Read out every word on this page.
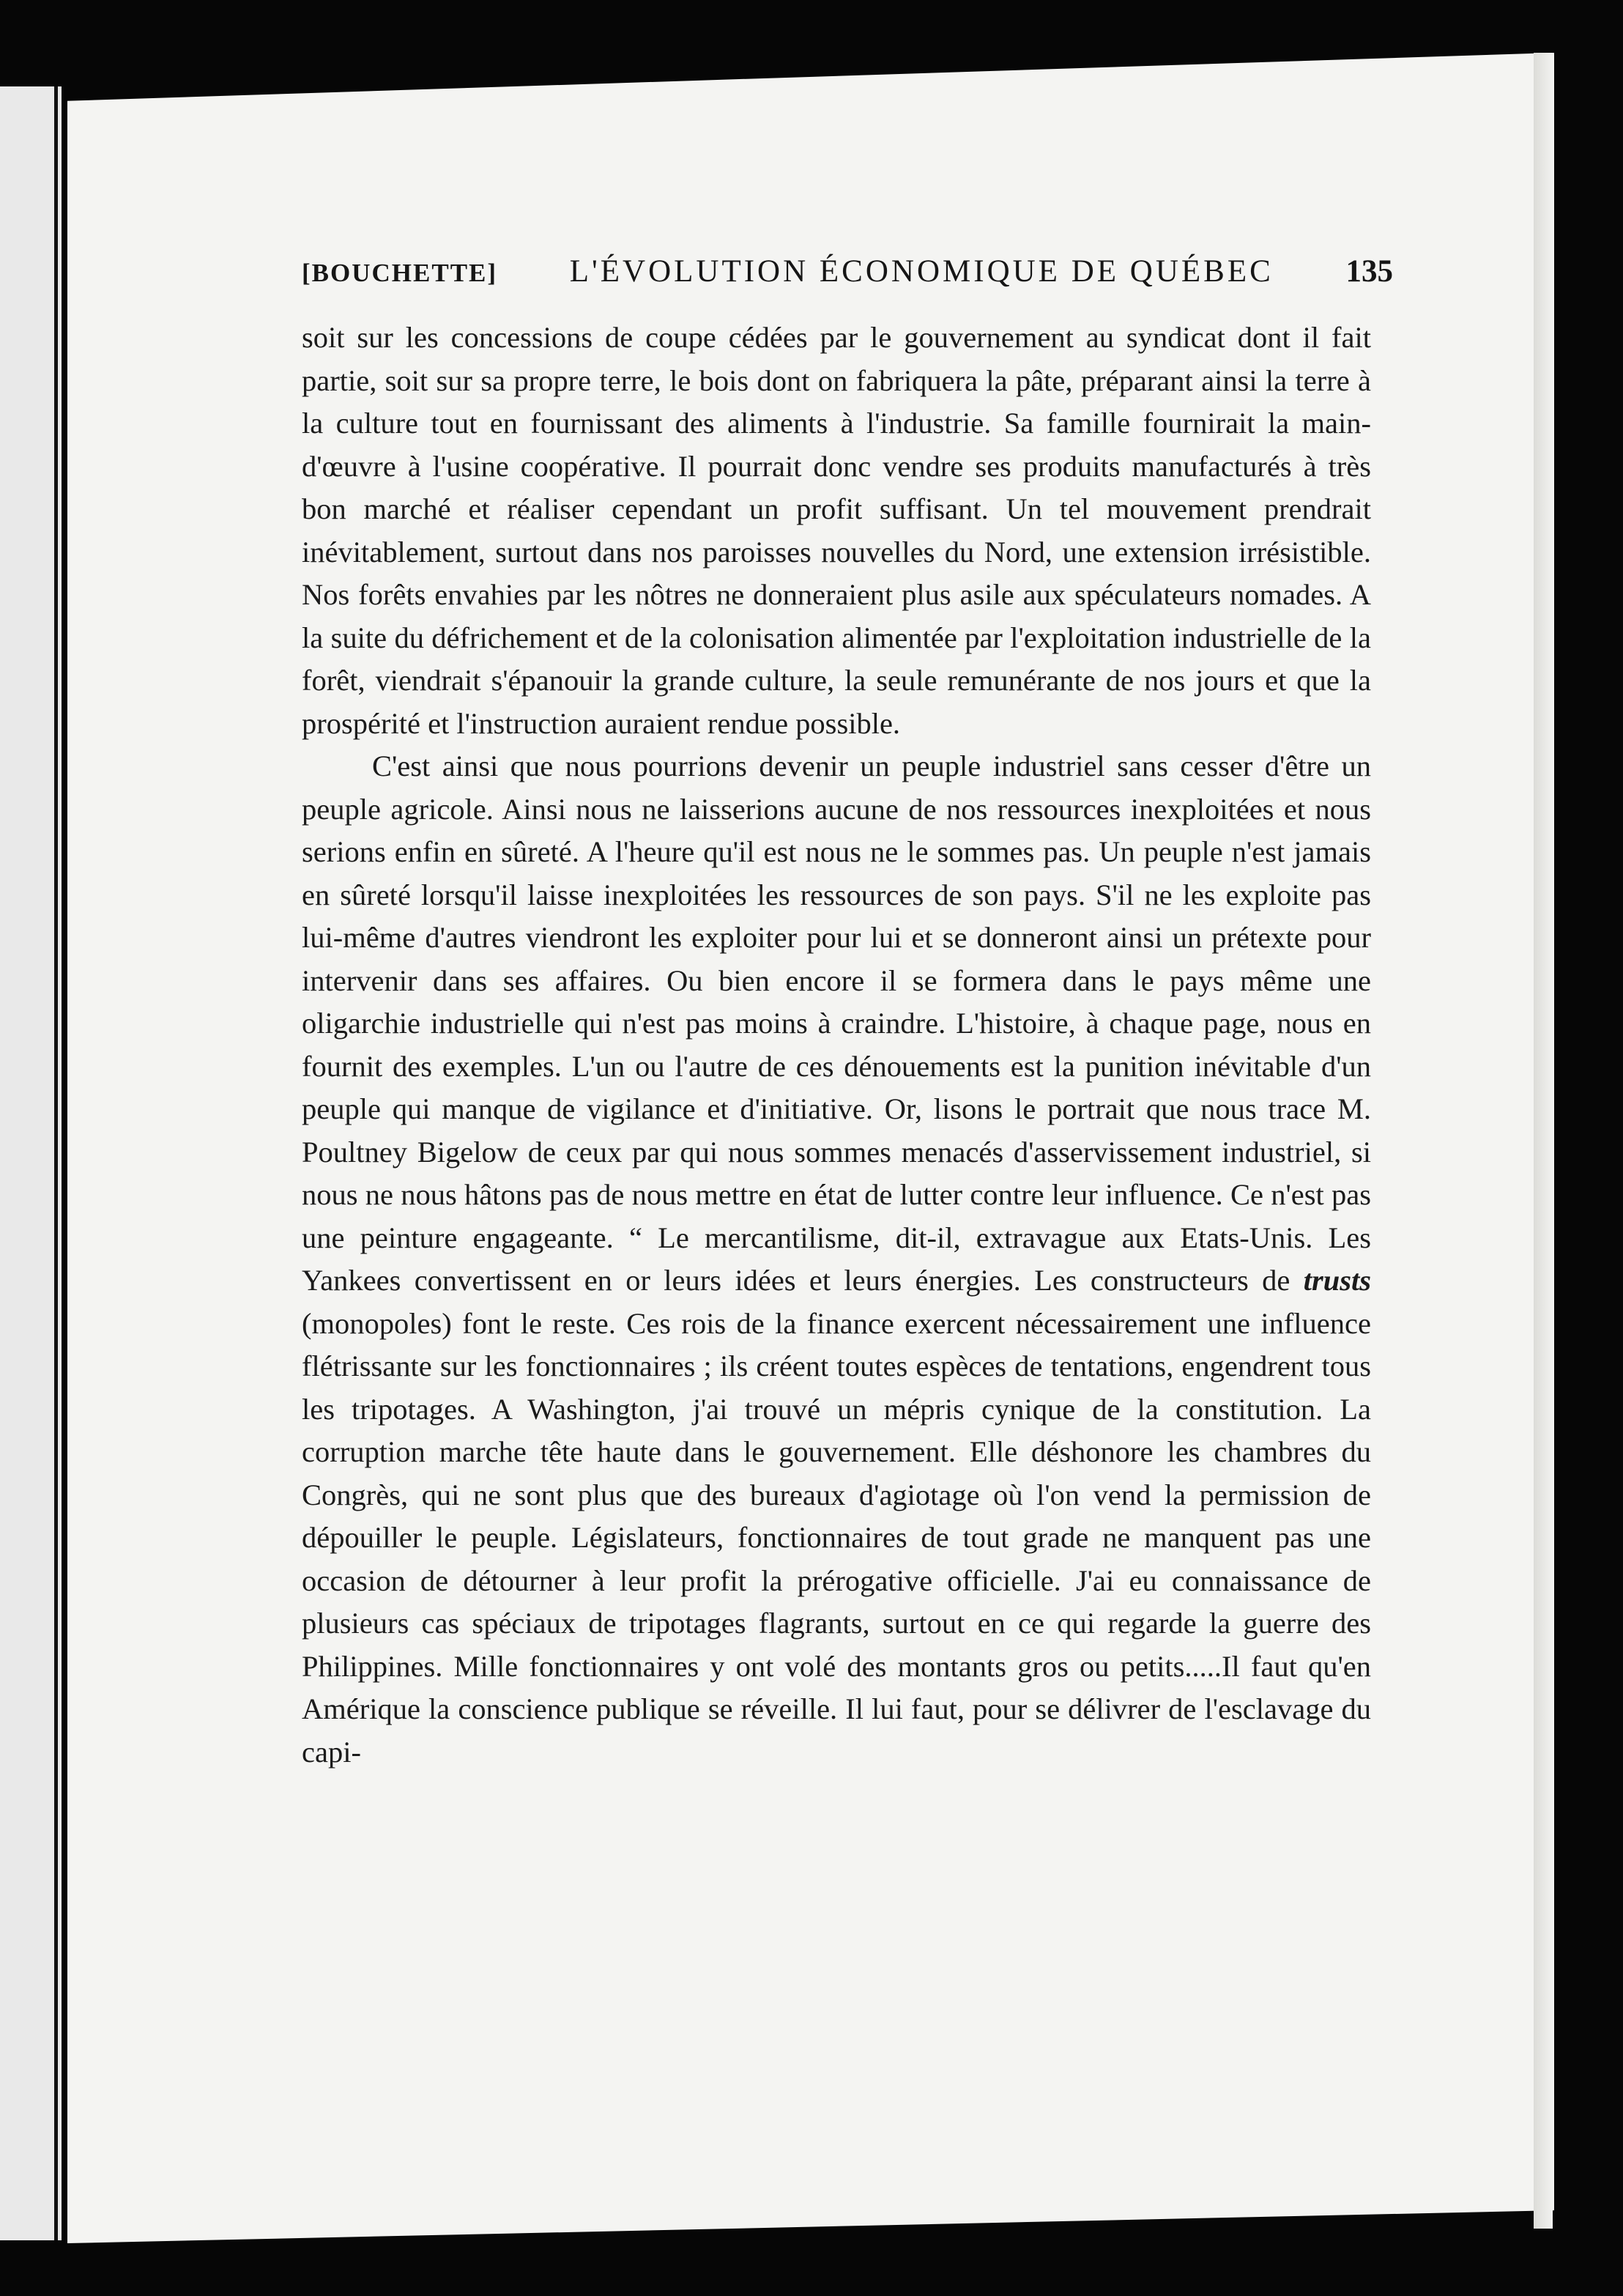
[BOUCHETTE] L'ÉVOLUTION ÉCONOMIQUE DE QUÉBEC 135

soit sur les concessions de coupe cédées par le gouvernement au syndicat dont il fait partie, soit sur sa propre terre, le bois dont on fabriquera la pâte, préparant ainsi la terre à la culture tout en fournissant des aliments à l'industrie. Sa famille fournirait la main-d'œuvre à l'usine coopérative. Il pourrait donc vendre ses produits manufacturés à très bon marché et réaliser cependant un profit suffisant. Un tel mouvement prendrait inévitablement, surtout dans nos paroisses nouvelles du Nord, une extension irrésistible. Nos forêts envahies par les nôtres ne donneraient plus asile aux spéculateurs nomades. A la suite du défrichement et de la colonisation alimentée par l'exploitation industrielle de la forêt, viendrait s'épanouir la grande culture, la seule remunérante de nos jours et que la prospérité et l'instruction auraient rendue possible.

C'est ainsi que nous pourrions devenir un peuple industriel sans cesser d'être un peuple agricole. Ainsi nous ne laisserions aucune de nos ressources inexploitées et nous serions enfin en sûreté. A l'heure qu'il est nous ne le sommes pas. Un peuple n'est jamais en sûreté lorsqu'il laisse inexploitées les ressources de son pays. S'il ne les exploite pas lui-même d'autres viendront les exploiter pour lui et se donneront ainsi un prétexte pour intervenir dans ses affaires. Ou bien encore il se formera dans le pays même une oligarchie industrielle qui n'est pas moins à craindre. L'histoire, à chaque page, nous en fournit des exemples. L'un ou l'autre de ces dénouements est la punition inévitable d'un peuple qui manque de vigilance et d'initiative. Or, lisons le portrait que nous trace M. Poultney Bigelow de ceux par qui nous sommes menacés d'asservissement industriel, si nous ne nous hâtons pas de nous mettre en état de lutter contre leur influence. Ce n'est pas une peinture engageante. “ Le mercantilisme, dit-il, extravague aux Etats-Unis. Les Yankees convertissent en or leurs idées et leurs énergies. Les constructeurs de trusts (monopoles) font le reste. Ces rois de la finance exercent nécessairement une influence flétrissante sur les fonctionnaires ; ils créent toutes espèces de tentations, engendrent tous les tripotages. A Washington, j'ai trouvé un mépris cynique de la constitution. La corruption marche tête haute dans le gouvernement. Elle déshonore les chambres du Congrès, qui ne sont plus que des bureaux d'agiotage où l'on vend la permission de dépouiller le peuple. Législateurs, fonctionnaires de tout grade ne manquent pas une occasion de détourner à leur profit la prérogative officielle. J'ai eu connaissance de plusieurs cas spéciaux de tripotages flagrants, surtout en ce qui regarde la guerre des Philippines. Mille fonctionnaires y ont volé des montants gros ou petits.....Il faut qu'en Amérique la conscience publique se réveille. Il lui faut, pour se délivrer de l'esclavage du capi-
